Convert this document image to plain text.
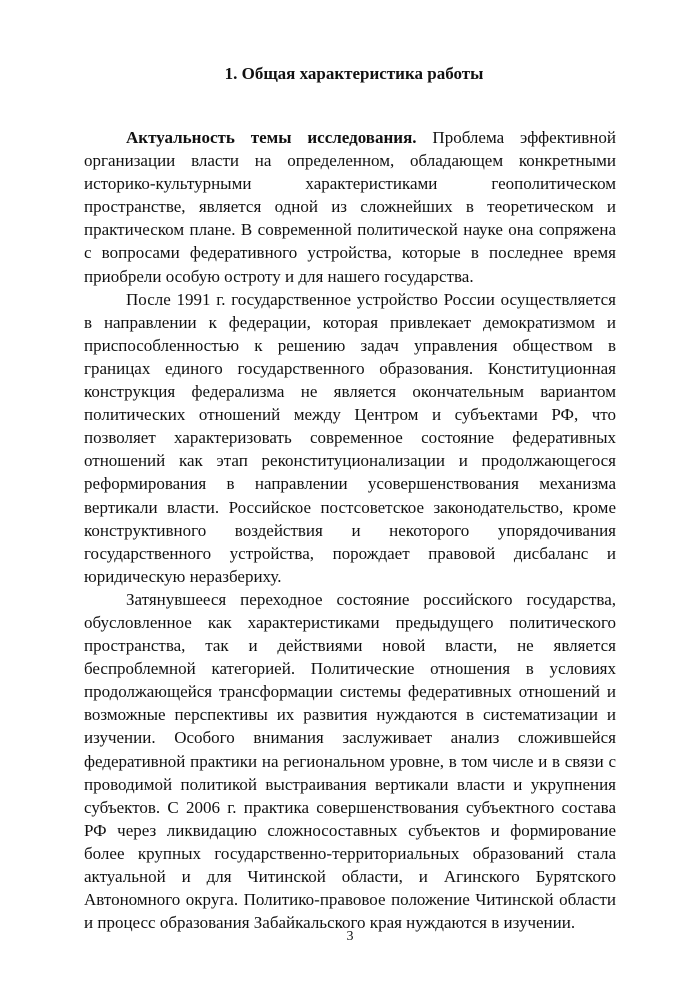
1. Общая характеристика работы

Актуальность темы исследования. Проблема эффективной организации власти на определенном, обладающем конкретными историко-культурными характеристиками геополитическом пространстве, является одной из сложнейших в теоретическом и практическом плане. В современной политической науке она сопряжена с вопросами федеративного устройства, которые в последнее время приобрели особую остроту и для нашего государства.

После 1991 г. государственное устройство России осуществляется в направлении к федерации, которая привлекает демократизмом и приспособленностью к решению задач управления обществом в границах единого государственного образования. Конституционная конструкция федерализма не является окончательным вариантом политических отношений между Центром и субъектами РФ, что позволяет характеризовать современное состояние федеративных отношений как этап реконституционализации и продолжающегося реформирования в направлении усовершенствования механизма вертикали власти. Российское постсоветское законодательство, кроме конструктивного воздействия и некоторого упорядочивания государственного устройства, порождает правовой дисбаланс и юридическую неразбериху.

Затянувшееся переходное состояние российского государства, обусловленное как характеристиками предыдущего политического пространства, так и действиями новой власти, не является беспроблемной категорией. Политические отношения в условиях продолжающейся трансформации системы федеративных отношений и возможные перспективы их развития нуждаются в систематизации и изучении. Особого внимания заслуживает анализ сложившейся федеративной практики на региональном уровне, в том числе и в связи с проводимой политикой выстраивания вертикали власти и укрупнения субъектов. С 2006 г. практика совершенствования субъектного состава РФ через ликвидацию сложносоставных субъектов и формирование более крупных государственно-территориальных образований стала актуальной и для Читинской области, и Агинского Бурятского Автономного округа. Политико-правовое положение Читинской области и процесс образования Забайкальского края нуждаются в изучении.

3
